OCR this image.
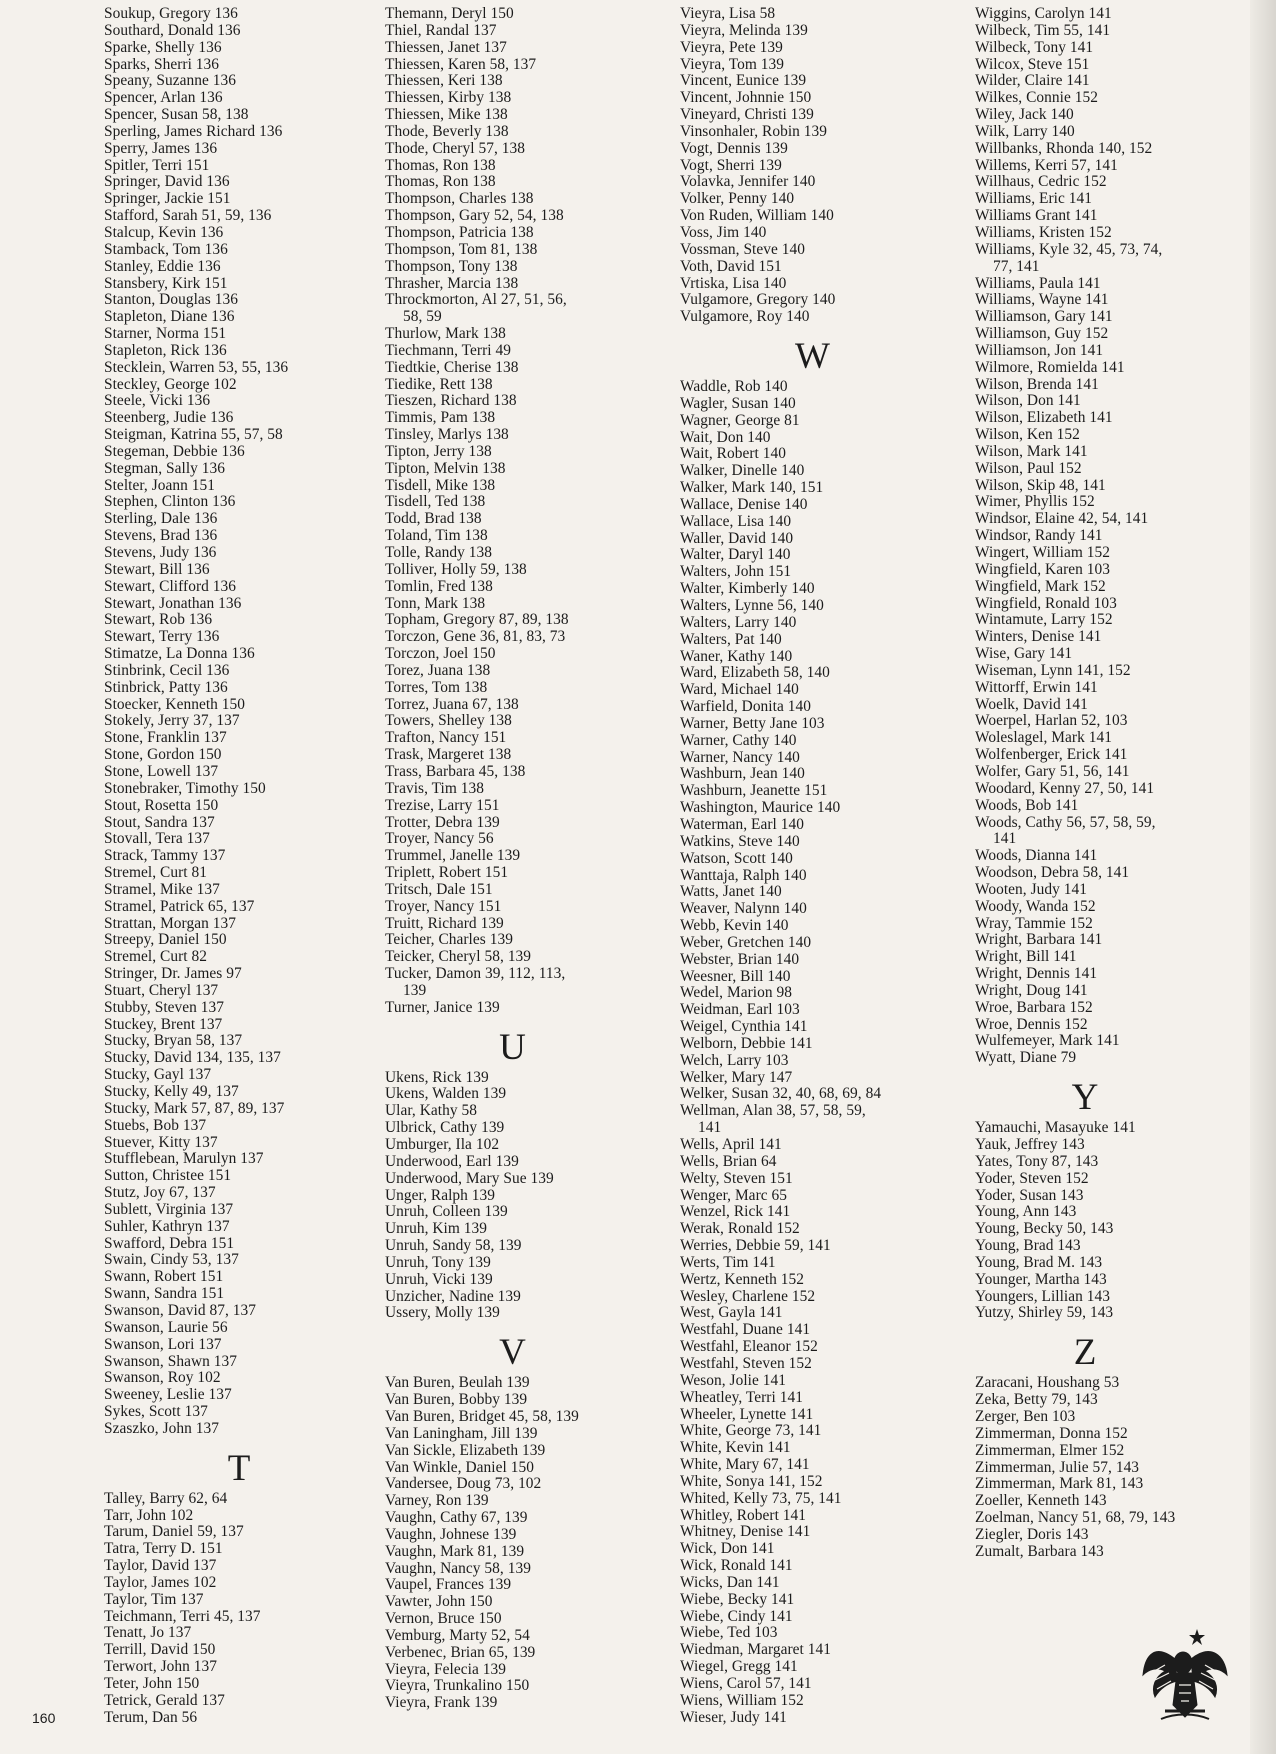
Soukup, Gregory 136
Southard, Donald 136
Sparke, Shelly 136
Sparks, Sherri 136
Speany, Suzanne 136
Spencer, Arlan 136
Spencer, Susan 58, 138
Sperling, James Richard 136
Sperry, James 136
Spitler, Terri 151
Springer, David 136
Springer, Jackie 151
Stafford, Sarah 51, 59, 136
Stalcup, Kevin 136
Stamback, Tom 136
Stanley, Eddie 136
Stansbery, Kirk 151
Stanton, Douglas 136
Stapleton, Diane 136
Starner, Norma 151
Stapleton, Rick 136
Stecklein, Warren 53, 55, 136
Steckley, George 102
Steele, Vicki 136
Steenberg, Judie 136
Steigman, Katrina 55, 57, 58
Stegeman, Debbie 136
Stegman, Sally 136
Stelter, Joann 151
Stephen, Clinton 136
Sterling, Dale 136
Stevens, Brad 136
Stevens, Judy 136
Stewart, Bill 136
Stewart, Clifford 136
Stewart, Jonathan 136
Stewart, Rob 136
Stewart, Terry 136
Stimatze, La Donna 136
Stinbrink, Cecil 136
Stinbrick, Patty 136
Stoecker, Kenneth 150
Stokely, Jerry 37, 137
Stone, Franklin 137
Stone, Gordon 150
Stone, Lowell 137
Stonebraker, Timothy 150
Stout, Rosetta 150
Stout, Sandra 137
Stovall, Tera 137
Strack, Tammy 137
Stremel, Curt 81
Stramel, Mike 137
Stramel, Patrick 65, 137
Strattan, Morgan 137
Streepy, Daniel 150
Stremel, Curt 82
Stringer, Dr. James 97
Stuart, Cheryl 137
Stubby, Steven 137
Stuckey, Brent 137
Stucky, Bryan 58, 137
Stucky, David 134, 135, 137
Stucky, Gayl 137
Stucky, Kelly 49, 137
Stucky, Mark 57, 87, 89, 137
Stuebs, Bob 137
Stuever, Kitty 137
Stufflebean, Marulyn 137
Sutton, Christee 151
Stutz, Joy 67, 137
Sublett, Virginia 137
Suhler, Kathryn 137
Swafford, Debra 151
Swain, Cindy 53, 137
Swann, Robert 151
Swann, Sandra 151
Swanson, David 87, 137
Swanson, Laurie 56
Swanson, Lori 137
Swanson, Shawn 137
Swanson, Roy 102
Sweeney, Leslie 137
Sykes, Scott 137
Szaszko, John 137
T
Talley, Barry 62, 64
Tarr, John 102
Tarum, Daniel 59, 137
Tatra, Terry D. 151
Taylor, David 137
Taylor, James 102
Taylor, Tim 137
Teichmann, Terri 45, 137
Tenatt, Jo 137
Terrill, David 150
Terwort, John 137
Teter, John 150
Tetrick, Gerald 137
Terum, Dan 56
Themann, Deryl 150
Thiel, Randal 137
Thiessen, Janet 137
Thiessen, Karen 58, 137
Thiessen, Keri 138
Thiessen, Kirby 138
Thiessen, Mike 138
Thode, Beverly 138
Thode, Cheryl 57, 138
Thomas, Ron 138
Thomas, Ron 138
Thompson, Charles 138
Thompson, Gary 52, 54, 138
Thompson, Patricia 138
Thompson, Tom 81, 138
Thompson, Tony 138
Thrasher, Marcia 138
Throckmorton, Al 27, 51, 56,
58, 59
Thurlow, Mark 138
Tiechmann, Terri 49
Tiedtkie, Cherise 138
Tiedike, Rett 138
Tieszen, Richard 138
Timmis, Pam 138
Tinsley, Marlys 138
Tipton, Jerry 138
Tipton, Melvin 138
Tisdell, Mike 138
Tisdell, Ted 138
Todd, Brad 138
Toland, Tim 138
Tolle, Randy 138
Tolliver, Holly 59, 138
Tomlin, Fred 138
Tonn, Mark 138
Topham, Gregory 87, 89, 138
Torczon, Gene 36, 81, 83, 73
Torczon, Joel 150
Torez, Juana 138
Torres, Tom 138
Torrez, Juana 67, 138
Towers, Shelley 138
Trafton, Nancy 151
Trask, Margeret 138
Trass, Barbara 45, 138
Travis, Tim 138
Trezise, Larry 151
Trotter, Debra 139
Troyer, Nancy 56
Trummel, Janelle 139
Triplett, Robert 151
Tritsch, Dale 151
Troyer, Nancy 151
Truitt, Richard 139
Teicher, Charles 139
Teicker, Cheryl 58, 139
Tucker, Damon 39, 112, 113,
139
Turner, Janice 139
U
Ukens, Rick 139
Ukens, Walden 139
Ular, Kathy 58
Ulbrick, Cathy 139
Umburger, Ila 102
Underwood, Earl 139
Underwood, Mary Sue 139
Unger, Ralph 139
Unruh, Colleen 139
Unruh, Kim 139
Unruh, Sandy 58, 139
Unruh, Tony 139
Unruh, Vicki 139
Unzicher, Nadine 139
Ussery, Molly 139
V
Van Buren, Beulah 139
Van Buren, Bobby 139
Van Buren, Bridget 45, 58, 139
Van Laningham, Jill 139
Van Sickle, Elizabeth 139
Van Winkle, Daniel 150
Vandersee, Doug 73, 102
Varney, Ron 139
Vaughn, Cathy 67, 139
Vaughn, Johnese 139
Vaughn, Mark 81, 139
Vaughn, Nancy 58, 139
Vaupel, Frances 139
Vawter, John 150
Vernon, Bruce 150
Vemburg, Marty 52, 54
Verbenec, Brian 65, 139
Vieyra, Felecia 139
Vieyra, Trunkalino 150
Vieyra, Frank 139
Vieyra, Lisa 58
Vieyra, Melinda 139
Vieyra, Pete 139
Vieyra, Tom 139
Vincent, Eunice 139
Vincent, Johnnie 150
Vineyard, Christi 139
Vinsonhaler, Robin 139
Vogt, Dennis 139
Vogt, Sherri 139
Volavka, Jennifer 140
Volker, Penny 140
Von Ruden, William 140
Voss, Jim 140
Vossman, Steve 140
Voth, David 151
Vrtiska, Lisa 140
Vulgamore, Gregory 140
Vulgamore, Roy 140
W
Waddle, Rob 140
Wagler, Susan 140
Wagner, George 81
Wait, Don 140
Wait, Robert 140
Walker, Dinelle 140
Walker, Mark 140, 151
Wallace, Denise 140
Wallace, Lisa 140
Waller, David 140
Walter, Daryl 140
Walters, John 151
Walter, Kimberly 140
Walters, Lynne 56, 140
Walters, Larry 140
Walters, Pat 140
Waner, Kathy 140
Ward, Elizabeth 58, 140
Ward, Michael 140
Warfield, Donita 140
Warner, Betty Jane 103
Warner, Cathy 140
Warner, Nancy 140
Washburn, Jean 140
Washburn, Jeanette 151
Washington, Maurice 140
Waterman, Earl 140
Watkins, Steve 140
Watson, Scott 140
Wanttaja, Ralph 140
Watts, Janet 140
Weaver, Nalynn 140
Webb, Kevin 140
Weber, Gretchen 140
Webster, Brian 140
Weesner, Bill 140
Wedel, Marion 98
Weidman, Earl 103
Weigel, Cynthia 141
Welborn, Debbie 141
Welch, Larry 103
Welker, Mary 147
Welker, Susan 32, 40, 68, 69, 84
Wellman, Alan 38, 57, 58, 59,
141
Wells, April 141
Wells, Brian 64
Welty, Steven 151
Wenger, Marc 65
Wenzel, Rick 141
Werak, Ronald 152
Werries, Debbie 59, 141
Werts, Tim 141
Wertz, Kenneth 152
Wesley, Charlene 152
West, Gayla 141
Westfahl, Duane 141
Westfahl, Eleanor 152
Westfahl, Steven 152
Weson, Jolie 141
Wheatley, Terri 141
Wheeler, Lynette 141
White, George 73, 141
White, Kevin 141
White, Mary 67, 141
White, Sonya 141, 152
Whited, Kelly 73, 75, 141
Whitley, Robert 141
Whitney, Denise 141
Wick, Don 141
Wick, Ronald 141
Wicks, Dan 141
Wiebe, Becky 141
Wiebe, Cindy 141
Wiebe, Ted 103
Wiedman, Margaret 141
Wiegel, Gregg 141
Wiens, Carol 57, 141
Wiens, William 152
Wieser, Judy 141
Wiggins, Carolyn 141
Wilbeck, Tim 55, 141
Wilbeck, Tony 141
Wilcox, Steve 151
Wilder, Claire 141
Wilkes, Connie 152
Wiley, Jack 140
Wilk, Larry 140
Willbanks, Rhonda 140, 152
Willems, Kerri 57, 141
Willhaus, Cedric 152
Williams, Eric 141
Williams Grant 141
Williams, Kristen 152
Williams, Kyle 32, 45, 73, 74,
77, 141
Williams, Paula 141
Williams, Wayne 141
Williamson, Gary 141
Williamson, Guy 152
Williamson, Jon 141
Wilmore, Romielda 141
Wilson, Brenda 141
Wilson, Don 141
Wilson, Elizabeth 141
Wilson, Ken 152
Wilson, Mark 141
Wilson, Paul 152
Wilson, Skip 48, 141
Wimer, Phyllis 152
Windsor, Elaine 42, 54, 141
Windsor, Randy 141
Wingert, William 152
Wingfield, Karen 103
Wingfield, Mark 152
Wingfield, Ronald 103
Wintamute, Larry 152
Winters, Denise 141
Wise, Gary 141
Wiseman, Lynn 141, 152
Wittorff, Erwin 141
Woelk, David 141
Woerpel, Harlan 52, 103
Woleslagel, Mark 141
Wolfenberger, Erick 141
Wolfer, Gary 51, 56, 141
Woodard, Kenny 27, 50, 141
Woods, Bob 141
Woods, Cathy 56, 57, 58, 59,
141
Woods, Dianna 141
Woodson, Debra 58, 141
Wooten, Judy 141
Woody, Wanda 152
Wray, Tammie 152
Wright, Barbara 141
Wright, Bill 141
Wright, Dennis 141
Wright, Doug 141
Wroe, Barbara 152
Wroe, Dennis 152
Wulfemeyer, Mark 141
Wyatt, Diane 79
Y
Yamauchi, Masayuke 141
Yauk, Jeffrey 143
Yates, Tony 87, 143
Yoder, Steven 152
Yoder, Susan 143
Young, Ann 143
Young, Becky 50, 143
Young, Brad 143
Young, Brad M. 143
Younger, Martha 143
Youngers, Lillian 143
Yutzy, Shirley 59, 143
Z
Zaracani, Houshang 53
Zeka, Betty 79, 143
Zerger, Ben 103
Zimmerman, Donna 152
Zimmerman, Elmer 152
Zimmerman, Julie 57, 143
Zimmerman, Mark 81, 143
Zoeller, Kenneth 143
Zoelman, Nancy 51, 68, 79, 143
Ziegler, Doris 143
Zumalt, Barbara 143
160
